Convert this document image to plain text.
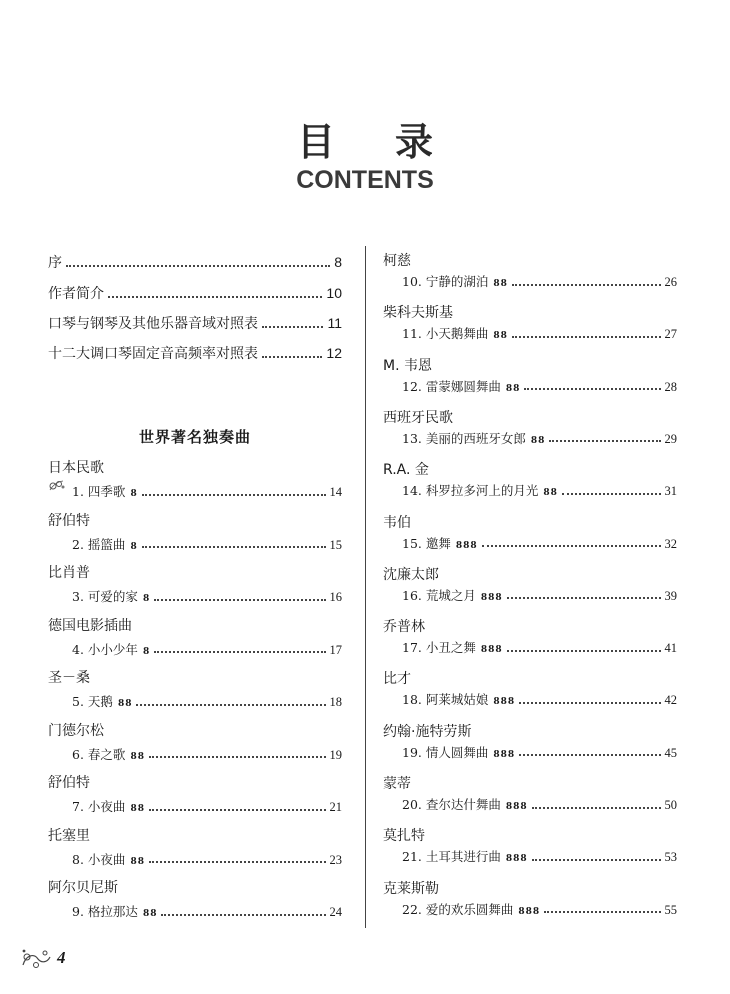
目录
CONTENTS
序	8
作者简介	10
口琴与钢琴及其他乐器音域对照表	11
十二大调口琴固定音高频率对照表	12
世界著名独奏曲
日本民歌
1. 四季歌 8	14
舒伯特
2. 摇篮曲 8	15
比肖普
3. 可爱的家 8	16
德国电影插曲
4. 小小少年 8	17
圣－桑
5. 天鹅 88	18
门德尔松
6. 春之歌 88	19
舒伯特
7. 小夜曲 88	21
托塞里
8. 小夜曲 88	23
阿尔贝尼斯
9. 格拉那达 88	24
柯慈
10. 宁静的湖泊 88	26
柴科夫斯基
11. 小天鹅舞曲 88	27
M. 韦恩
12. 雷蒙娜圆舞曲 88	28
西班牙民歌
13. 美丽的西班牙女郎 88	29
R.A. 金
14. 科罗拉多河上的月光 88	31
韦伯
15. 邀舞 888	32
沈廉太郎
16. 荒城之月 888	39
乔普林
17. 小丑之舞 888	41
比才
18. 阿莱城姑娘 888	42
约翰·施特劳斯
19. 情人圆舞曲 888	45
蒙蒂
20. 查尔达什舞曲 888	50
莫扎特
21. 土耳其进行曲 888	53
克莱斯勒
22. 爱的欢乐圆舞曲 888	55
4
